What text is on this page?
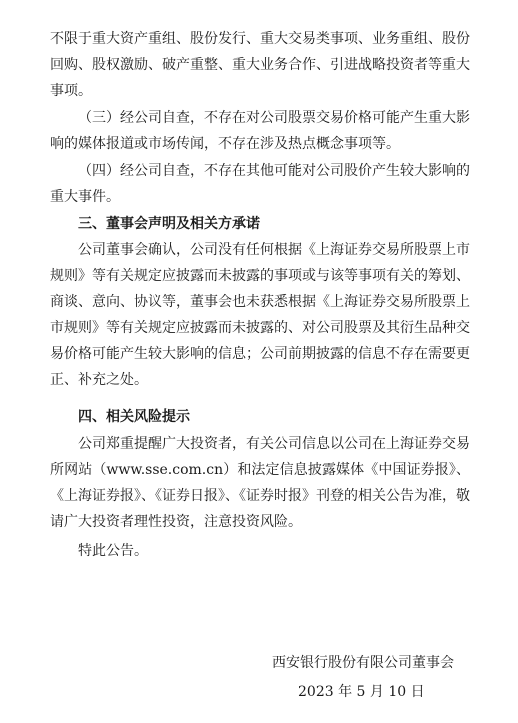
不限于重大资产重组、股份发行、重大交易类事项、业务重组、股份回购、股权激励、破产重整、重大业务合作、引进战略投资者等重大事项。

（三）经公司自查，不存在对公司股票交易价格可能产生重大影响的媒体报道或市场传闻，不存在涉及热点概念事项等。

（四）经公司自查，不存在其他可能对公司股价产生较大影响的重大事件。

三、董事会声明及相关方承诺

公司董事会确认，公司没有任何根据《上海证券交易所股票上市规则》等有关规定应披露而未披露的事项或与该等事项有关的筹划、商谈、意向、协议等，董事会也未获悉根据《上海证券交易所股票上市规则》等有关规定应披露而未披露的、对公司股票及其衍生品种交易价格可能产生较大影响的信息；公司前期披露的信息不存在需要更正、补充之处。

四、相关风险提示

公司郑重提醒广大投资者，有关公司信息以公司在上海证券交易所网站（www.sse.com.cn）和法定信息披露媒体《中国证券报》、《上海证券报》、《证券日报》、《证券时报》刊登的相关公告为准，敬请广大投资者理性投资，注意投资风险。

特此公告。

西安银行股份有限公司董事会

2023 年 5 月 10 日
